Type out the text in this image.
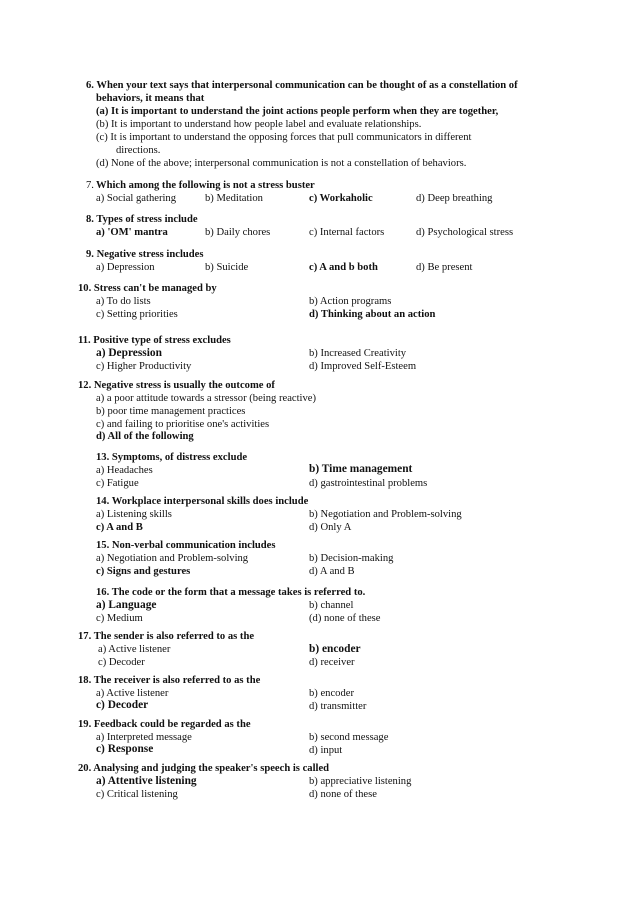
6. When your text says that interpersonal communication can be thought of as a constellation of
behaviors, it means that
(a) It is important to understand the joint actions people perform when they are together,
(b) It is important to understand how people label and evaluate relationships.
(c) It is important to understand the opposing forces that pull communicators in different
directions.
(d) None of the above; interpersonal communication is not a constellation of behaviors.
7. Which among the following is not a stress buster
a) Social gathering	b) Meditation	c) Workaholic	d) Deep breathing
8. Types of stress include
a) 'OM' mantra	b) Daily chores	c) Internal factors	d) Psychological stress
9. Negative stress includes
a) Depression	b) Suicide	c) A and b both	d) Be present
10. Stress can't be managed by
a) To do lists	b) Action programs
c) Setting priorities	d) Thinking about an action
11. Positive type of stress excludes
a) Depression	b) Increased Creativity
c) Higher Productivity	d) Improved Self-Esteem
12. Negative stress is usually the outcome of
a) a poor attitude towards a stressor (being reactive)
b) poor time management practices
c) and failing to prioritise one's activities
d) All of the following
13. Symptoms, of distress exclude
a) Headaches	b) Time management
c) Fatigue	d) gastrointestinal problems
14. Workplace interpersonal skills does include
a) Listening skills	b) Negotiation and Problem-solving
c) A and B	d) Only A
15. Non-verbal communication includes
a) Negotiation and Problem-solving	b) Decision-making
c) Signs and gestures	d) A and B
16. The code or the form that a message takes is referred to.
a) Language	b) channel
c) Medium	(d) none of these
17. The sender is also referred to as the
a) Active listener	b) encoder
c) Decoder	d) receiver
18. The receiver is also referred to as the
a) Active listener	b) encoder
c) Decoder	d) transmitter
19. Feedback could be regarded as the
a) Interpreted message	b) second message
c) Response	d) input
20. Analysing and judging the speaker's speech is called
a) Attentive listening	b) appreciative listening
c) Critical listening	d) none of these
